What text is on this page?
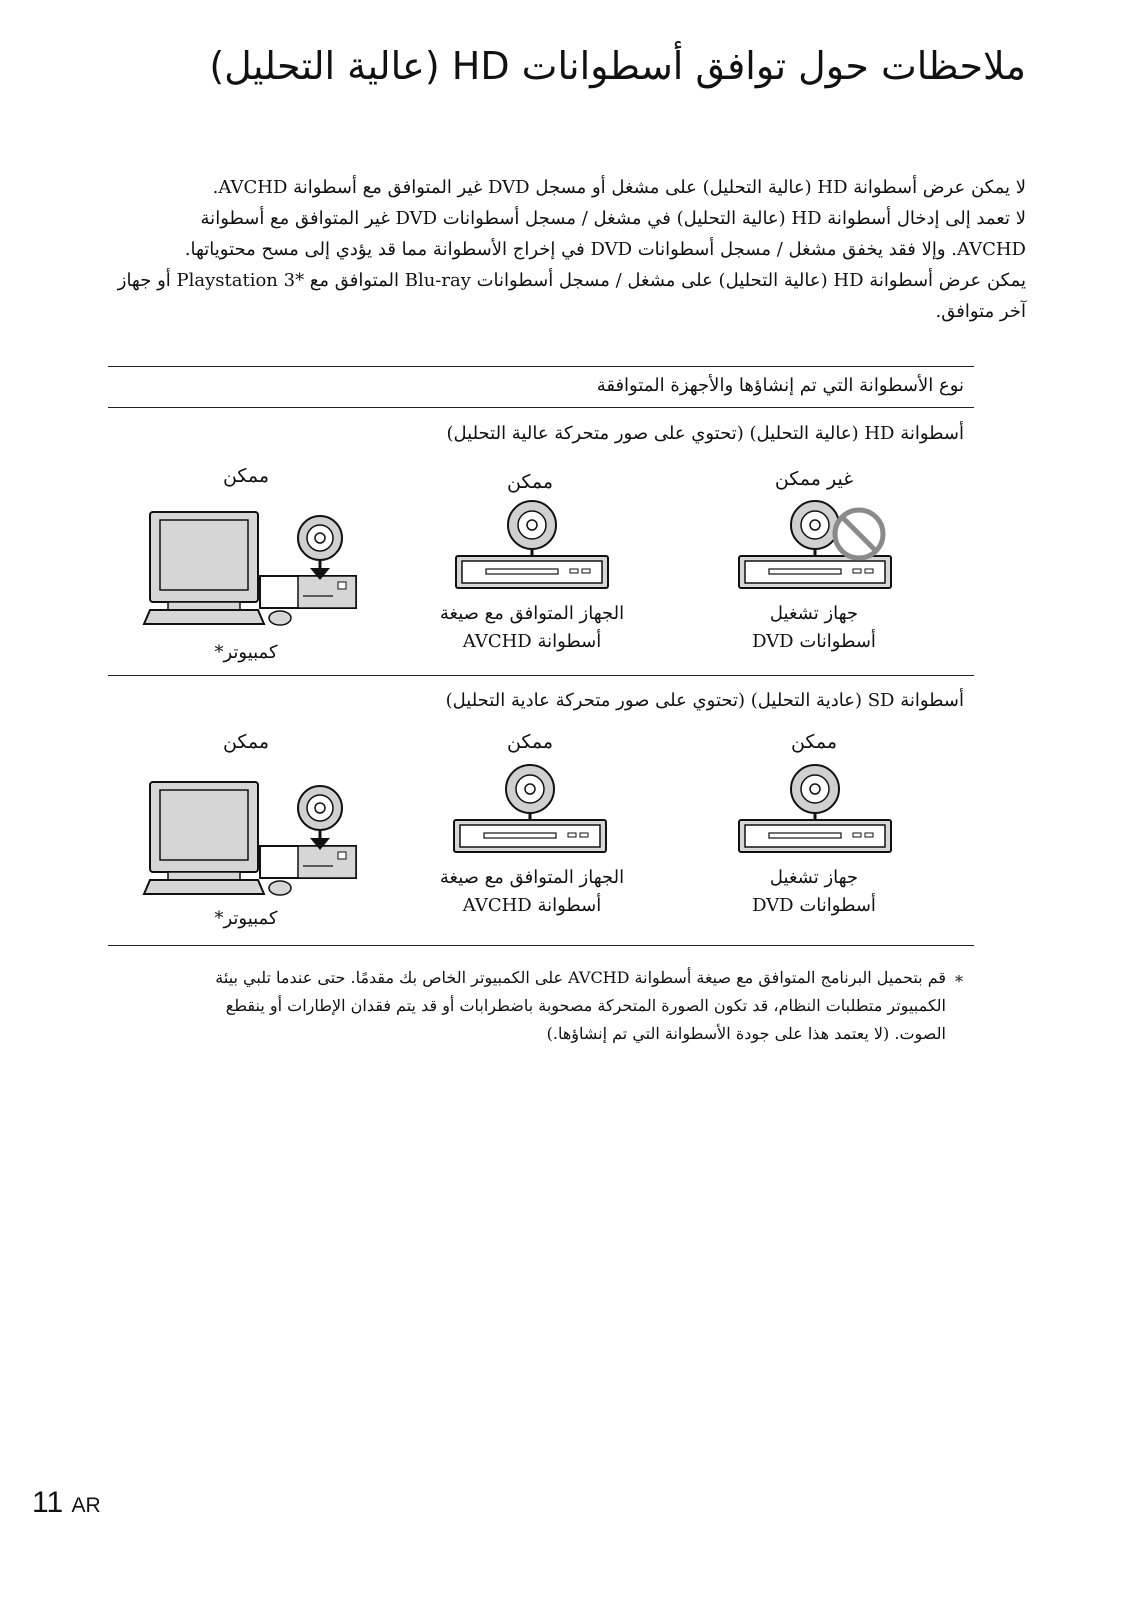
ملاحظات حول توافق أسطوانات HD (عالية التحليل)

لا يمكن عرض أسطوانة HD (عالية التحليل) على مشغل أو مسجل DVD غير المتوافق مع أسطوانة AVCHD.

لا تعمد إلى إدخال أسطوانة HD (عالية التحليل) في مشغل / مسجل أسطوانات DVD غير المتوافق مع أسطوانة

AVCHD. وإلا فقد يخفق مشغل / مسجل أسطوانات DVD في إخراج الأسطوانة مما قد يؤدي إلى مسح محتوياتها.

يمكن عرض أسطوانة HD (عالية التحليل) على مشغل / مسجل أسطوانات Blu-ray المتوافق مع *Playstation 3 أو جهاز

آخر متوافق.

نوع الأسطوانة التي تم إنشاؤها والأجهزة المتوافقة
أسطوانة HD (عالية التحليل) (تحتوي على صور متحركة عالية التحليل)
غير ممكن
ممكن
ممكن
جهاز تشغيل
أسطوانات DVD
الجهاز المتوافق مع صيغة
أسطوانة AVCHD
كمبيوتر*
أسطوانة SD (عادية التحليل) (تحتوي على صور متحركة عادية التحليل)
ممكن
ممكن
ممكن
جهاز تشغيل
أسطوانات DVD
الجهاز المتوافق مع صيغة
أسطوانة AVCHD
كمبيوتر*
*

قم بتحميل البرنامج المتوافق مع صيغة أسطوانة AVCHD على الكمبيوتر الخاص بك مقدمًا. حتى عندما تلبي بيئة

الكمبيوتر متطلبات النظام، قد تكون الصورة المتحركة مصحوبة باضطرابات أو قد يتم فقدان الإطارات أو ينقطع

الصوت. (لا يعتمد هذا على جودة الأسطوانة التي تم إنشاؤها.)

11 AR
